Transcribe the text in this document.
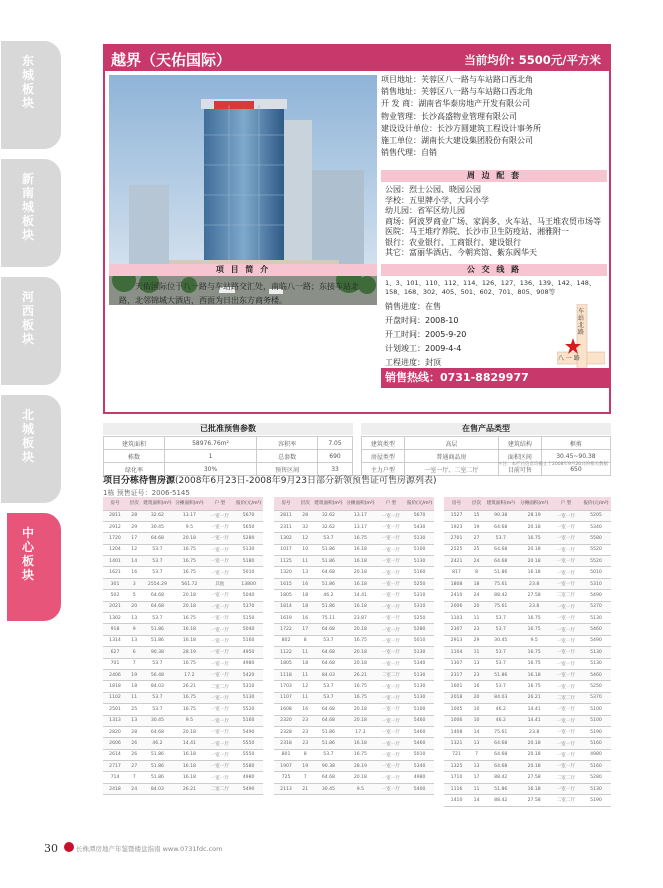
东城板块
新南城板块
河西板块
北城板块
中心板块
30	长株潭房地产年鉴暨楼盘指南 www.0731fdc.com
越界（天佑国际）	当前均价: 5500元/平方米
项目地址：芙蓉区八一路与车站路口西北角
销售地址：芙蓉区八一路与车站路口西北角
开 发 商：湖南省华泰房地产开发有限公司
物业管理：长沙高盛物业管理有限公司
建设设计单位：长沙方圆建筑工程设计事务所
施工单位：湖南长大建设集团股份有限公司
销售代理：自销
周 边 配 套
公园：烈士公园、晓园公园
学校：五里牌小学、大同小学
幼儿园：省军区幼儿园
商场：阿波罗商业广场、家润多、火车站、马王堆农贸市场等
医院：马王堆疗养院、长沙市卫生防疫站、湘雅附一
银行：农业银行、工商银行、建设银行
其它：富丽华酒店、今朝宾馆、紫东阁华天
项 目 简 介
天佑国际位于八一路与车站路交汇处，南临八一路；东接车站北路，北邻锦城大酒店，西面为日出东方商务楼。
公 交 线 路
1、3、101、110、112、114、126、127、136、139、142、148、158、168、302、405、501、602、701、805、908等
销售进度：在售
开盘时间：2008-10
开工时间：2005-9-20
计划竣工：2009-4-4
工程进度：封顶	八 一 路
车站北路
销售热线：0731-8829977
已批准预售参数
建筑面积	58976.76m²	容积率	7.05
栋数	1	总套数	690
绿化率	30%	预售区间	33
在售产品类型
建筑类型	高层	建筑结构	框剪
房屋类型	普通商品房	面积区间	30.45~90.38
主力户型	一室一厅、二室二厅	目前可售	650
＊注：本栏目信息均截止于2008年9月26日的相关数据
项目分栋待售房源(2008年6月23日-2008年9月23日部分新领预售证可售房源列表)
1栋 预售证号：2006-5145
房号	层次	建筑面积(m²)	分摊面积(m²)	户 型	报价(元/m²)
2811	28	32.62	13.17	一室一厅	5670
2912	29	30.45	9.5	一室一厅	5650
1720	17	64.68	20.18	一室一厅	5280
1204	12	53.7	16.75	一室一厅	5130
1401	14	53.7	16.75	一室一厅	5180
1621	16	53.7	16.75	一室一厅	5010
301	3	2554.29	561.72	其他	13800
502	5	64.68	20.18	一室一厅	5040
2021	20	64.68	20.18	一室一厅	5370
1302	13	53.7	16.75	一室一厅	5150
918	9	51.86	16.18	一室一厅	5040
1314	13	51.86	16.18	一室一厅	5160
627	6	90.38	28.19	一室一厅	4950
701	7	53.7	16.75	一室一厅	4980
2406	19	56.48	17.2	一室一厅	5420
1818	18	84.03	26.21	二室二厅	5310
1102	11	53.7	16.75	一室一厅	5130
2501	25	53.7	16.75	一室一厅	5520
1313	13	30.45	9.5	一室一厅	5160
2820	28	64.68	20.18	一室一厅	5490
2606	26	46.2	14.41	一室一厅	5550
2614	26	51.86	16.18	一室一厅	5550
2717	27	51.86	16.18	一室一厅	5580
714	7	51.86	16.18	一室一厅	4980
2418	24	84.03	26.21	二室二厅	5490
房号	层次	建筑面积(m²)	分摊面积(m²)	户 型	报价(元/m²)
2811	28	32.62	13.17	一室一厅	5670
2311	32	32.62	13.17	一室一厅	5430
1302	12	53.7	16.75	一室一厅	5130
1017	10	51.86	16.18	一室一厅	5100
1125	11	51.86	16.18	一室一厅	5130
1320	13	64.68	20.18	一室一厅	5160
1615	16	51.86	16.18	一室一厅	5250
1805	18	46.2	14.41	一室一厅	5310
1814	18	51.86	16.18	一室一厅	5310
1619	16	75.11	23.87	一室一厅	5250
1722	17	64.68	20.18	一室一厅	5280
802	8	53.7	16.75	一室一厅	5010
1122	11	64.68	20.18	一室一厅	5130
1805	18	64.68	20.18	一室一厅	5340
1118	11	84.03	26.21	二室二厅	5130
1703	12	53.7	16.75	一室一厅	5130
1107	11	53.7	16.75	一室一厅	5130
1608	16	64.68	20.18	一室一厅	5100
2320	23	64.68	20.18	一室一厅	5460
2328	23	51.86	17.3	一室一厅	5460
2318	23	51.86	16.18	一室一厅	5460
801	8	53.7	16.75	一室一厅	5010
1907	19	90.38	28.19	一室一厅	5340
725	7	64.68	20.18	一室一厅	4980
2113	21	30.45	9.5	一室一厅	5400
房号	层次	建筑面积(m²)	分摊面积(m²)	户 型	报价(元/m²)
1527	15	90.38	28.19	一室一厅	5205
1923	19	64.68	20.18	一室一厅	5340
2701	27	53.7	16.75	一室一厅	5580
2525	25	64.68	20.18	一室一厅	5520
2421	24	64.68	20.18	一室一厅	5520
817	8	51.86	16.18	一室一厅	5010
1808	18	75.61	23.8	一室一厅	5310
2410	24	88.42	27.58	二室二厅	5490
2006	20	75.61	23.8	一室一厅	5370
1103	11	53.7	16.75	一室一厅	5130
2307	23	53.7	16.75	一室一厅	5460
2913	29	30.45	9.5	一室一厅	5490
1104	11	53.7	16.75	一室一厅	5130
1307	13	53.7	16.75	一室一厅	5130
2317	23	51.86	16.18	一室一厅	5460
1601	16	53.7	16.75	一室一厅	5250
2018	20	84.03	26.21	二室二厅	5370
1005	10	46.2	14.41	一室一厅	5100
1006	10	46.2	14.41	一室一厅	5100
1408	14	75.61	23.8	一室一厅	5190
1321	13	64.68	20.18	一室一厅	5160
721	7	64.68	20.18	一室一厅	4980
1325	13	64.68	20.18	一室一厅	5160
1710	17	88.42	27.58	二室二厅	5280
1116	11	51.86	16.18	一室一厅	5130
1410	14	88.42	27.58	二室二厅	5190
